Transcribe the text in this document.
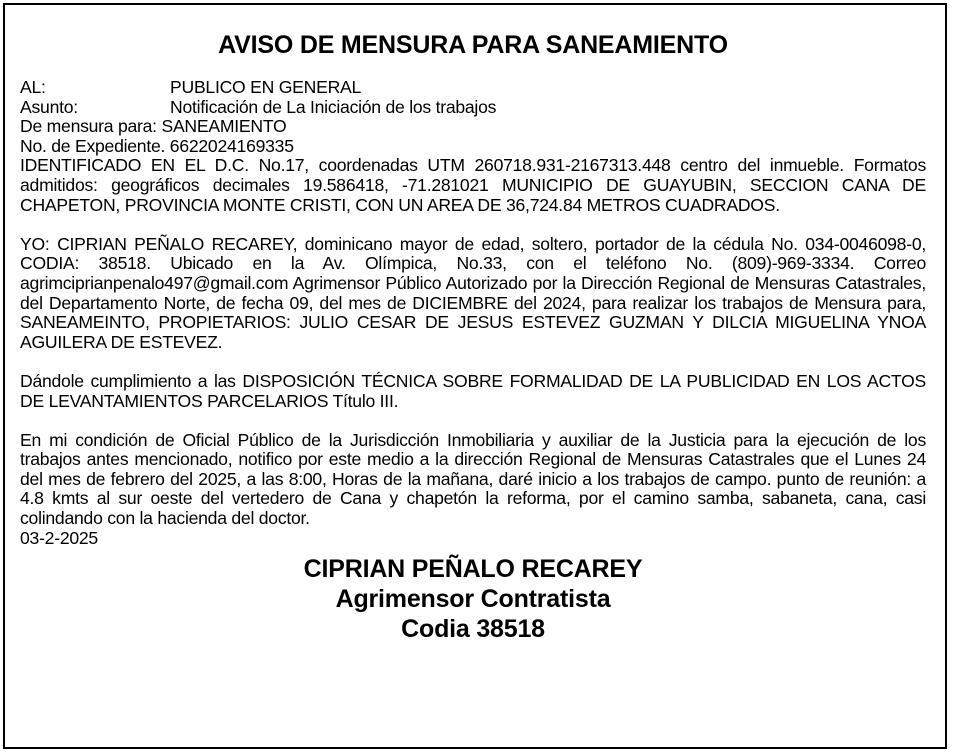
AVISO DE MENSURA PARA SANEAMIENTO
AL:	PUBLICO EN GENERAL
Asunto:	Notificación de La Iniciación de los trabajos
De mensura para: SANEAMIENTO
No. de Expediente. 6622024169335
IDENTIFICADO EN EL D.C. No.17, coordenadas UTM 260718.931-2167313.448 centro del inmueble. Formatos admitidos: geográficos decimales 19.586418, -71.281021 MUNICIPIO DE GUAYUBIN, SECCION CANA DE CHAPETON, PROVINCIA MONTE CRISTI, CON UN AREA DE 36,724.84 METROS CUADRADOS.
YO: CIPRIAN PEÑALO RECAREY, dominicano mayor de edad, soltero, portador de la cédula No. 034-0046098-0, CODIA: 38518. Ubicado en la Av. Olímpica, No.33, con el teléfono No. (809)-969-3334. Correo agrimciprianpenalo497@gmail.com Agrimensor Público Autorizado por la Dirección Regional de Mensuras Catastrales, del Departamento Norte, de fecha 09, del mes de DICIEMBRE del 2024, para realizar los trabajos de Mensura para, SANEAMEINTO, PROPIETARIOS: JULIO CESAR DE JESUS ESTEVEZ GUZMAN Y DILCIA MIGUELINA YNOA AGUILERA DE ESTEVEZ.
Dándole cumplimiento a las DISPOSICIÓN TÉCNICA SOBRE FORMALIDAD DE LA PUBLICIDAD EN LOS ACTOS DE LEVANTAMIENTOS PARCELARIOS Título III.
En mi condición de Oficial Público de la Jurisdicción Inmobiliaria y auxiliar de la Justicia para la ejecución de los trabajos antes mencionado, notifico por este medio a la dirección Regional de Mensuras Catastrales que el Lunes 24 del mes de febrero del 2025, a las 8:00, Horas de la mañana, daré inicio a los trabajos de campo. punto de reunión: a 4.8 kmts al sur oeste del vertedero de Cana y chapetón la reforma, por el camino samba, sabaneta, cana, casi colindando con la hacienda del doctor.
03-2-2025
CIPRIAN PEÑALO RECAREY
Agrimensor Contratista
Codia 38518
